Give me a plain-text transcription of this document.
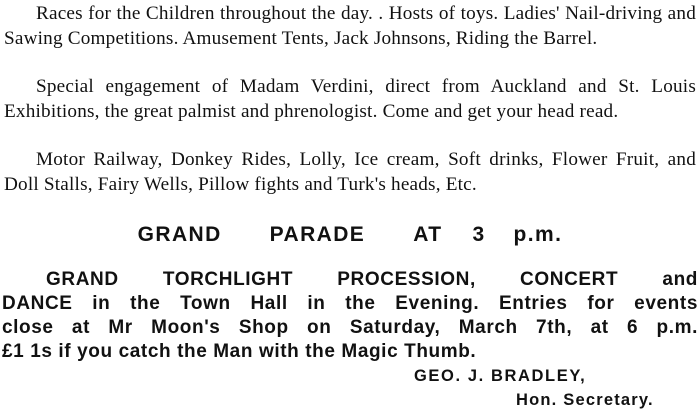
Races for the Children throughout the day. . Hosts of toys. Ladies' Nail-driving and Sawing Competitions. Amusement Tents, Jack Johnsons, Riding the Barrel.

Special engagement of Madam Verdini, direct from Auckland and St. Louis Exhibitions, the great palmist and phrenologist. Come and get your head read.

Motor Railway, Donkey Rides, Lolly, Ice cream, Soft drinks, Flower Fruit, and Doll Stalls, Fairy Wells, Pillow fights and Turk's heads, Etc.

GRAND PARADE AT 3 p.m.
GRAND TORCHLIGHT PROCESSION, CONCERT and
DANCE in the Town Hall in the Evening. Entries for events
close at Mr Moon's Shop on Saturday, March 7th, at 6 p.m.
£1 1s if you catch the Man with the Magic Thumb.
GEO. J. BRADLEY,
Hon. Secretary.
